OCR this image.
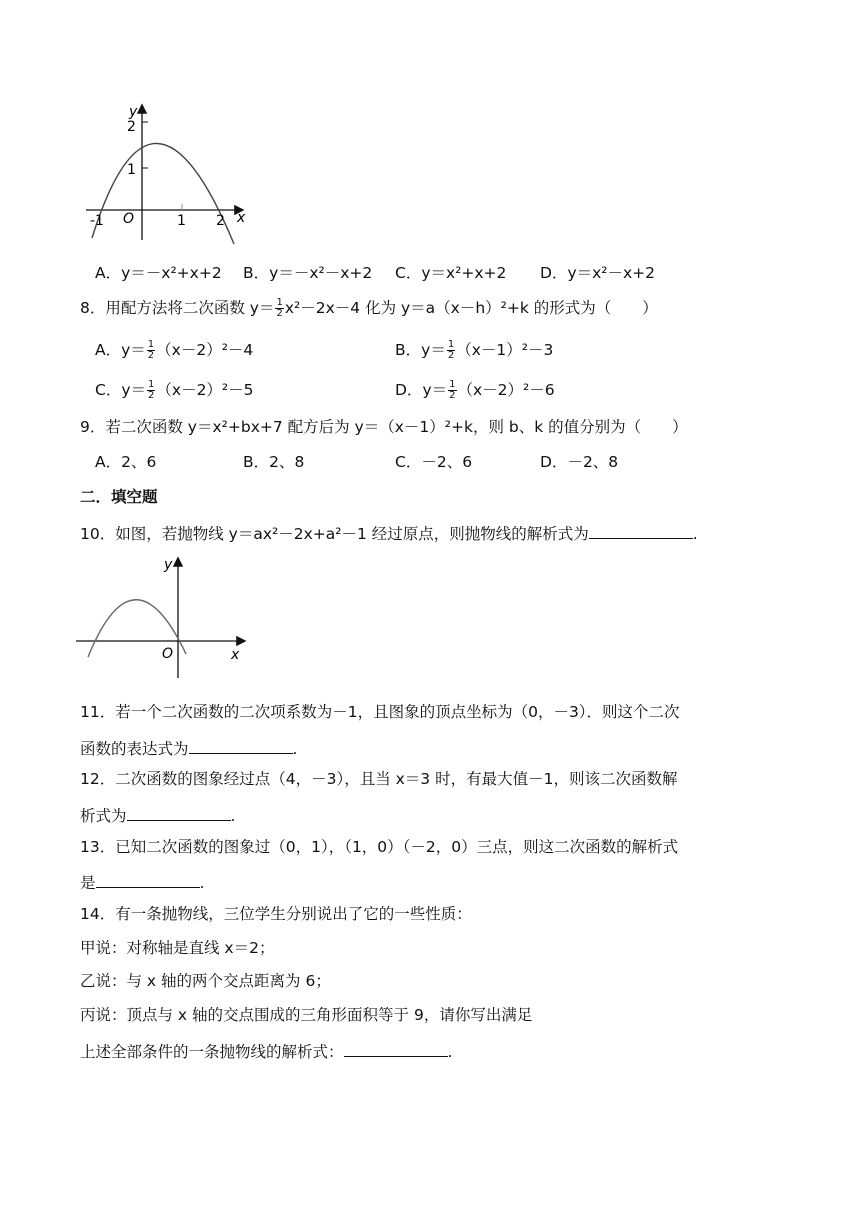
y
x
O
2
1
-1	1 2
A．y＝－x²+x+2 B．y＝－x²－x+2 C．y＝x²+x+2 D．y＝x²－x+2
8．用配方法将二次函数 $y= \frac{1}{2} x^2-2x-4$ 化为 y＝a（x－h）²+k 的形式为（　　）
A．$y= \frac{1}{2} (x-2)^2-4$	B．$y= \frac{1}{2} (x-1)^2-3$
C．$y= \frac{1}{2} (x-2)^2-5$	D．$y= \frac{1}{2} (x-2)^2-6$
9．若二次函数 y＝x²+bx+7 配方后为 y＝（x－1）²+k，则 b、k 的值分别为（　　）
A．2、6	B．2、8	C．－2、6	D．－2、8
二．填空题
10．如图，若抛物线 y＝ax²－2x+a²－1 经过原点，则抛物线的解析式为	.
y
x
O
11．若一个二次函数的二次项系数为－1，且图象的顶点坐标为（0，－3）．则这个二次
函数的表达式为	.
12．二次函数的图象经过点（4，－3），且当 x＝3 时，有最大值－1，则该二次函数解
析式为	.
13．已知二次函数的图象过（0，1），（1，0）（－2，0）三点，则这二次函数的解析式
是	.
14．有一条抛物线，三位学生分别说出了它的一些性质：
甲说：对称轴是直线 x＝2；
乙说：与 x 轴的两个交点距离为 6；
丙说：顶点与 x 轴的交点围成的三角形面积等于 9，请你写出满足
上述全部条件的一条抛物线的解析式：	.
